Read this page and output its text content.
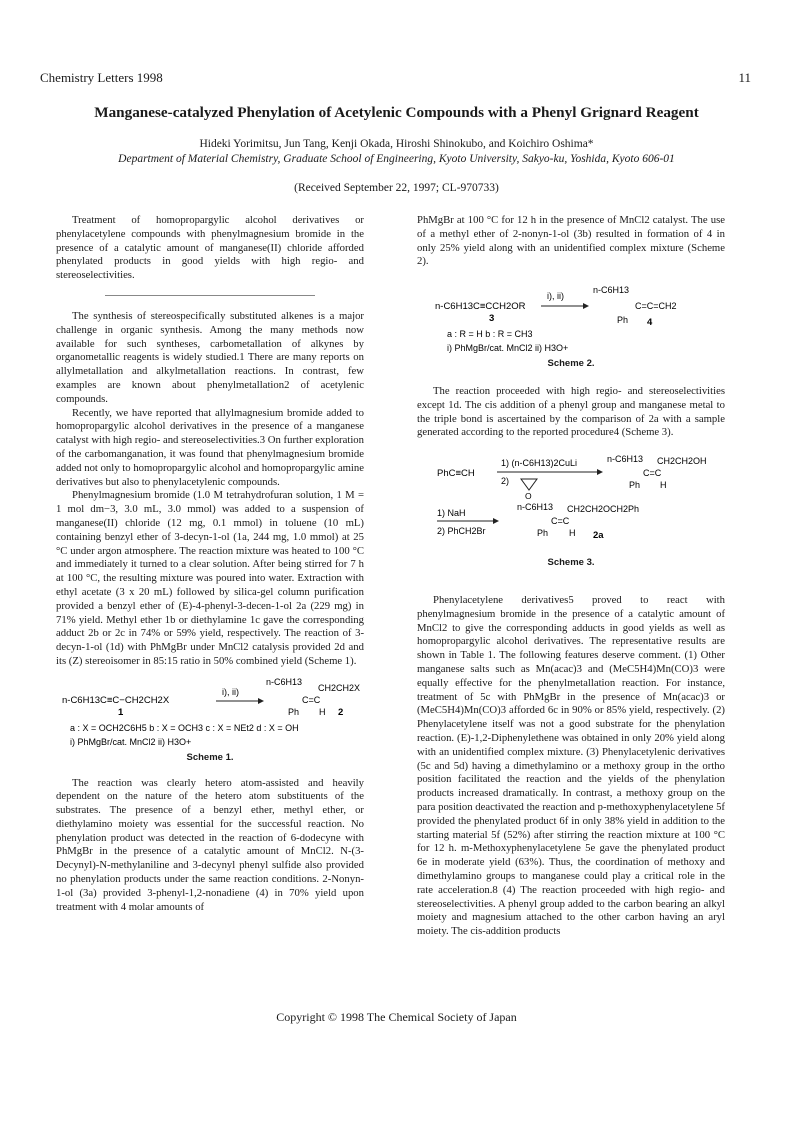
Chemistry Letters 1998	11
Manganese-catalyzed Phenylation of Acetylenic Compounds with a Phenyl Grignard Reagent
Hideki Yorimitsu, Jun Tang, Kenji Okada, Hiroshi Shinokubo, and Koichiro Oshima*
Department of Material Chemistry, Graduate School of Engineering, Kyoto University, Sakyo-ku, Yoshida, Kyoto 606-01
(Received September 22, 1997; CL-970733)

Treatment of homopropargylic alcohol derivatives or phenylacetylene compounds with phenylmagnesium bromide in the presence of a catalytic amount of manganese(II) chloride afforded phenylated products in good yields with high regio- and stereoselectivities.

The synthesis of stereospecifically substituted alkenes is a major challenge in organic synthesis. Among the many methods now available for such syntheses, carbometallation of alkynes by organometallic reagents is widely studied.1 There are many reports on allylmetallation and alkylmetallation reactions. In contrast, few examples are known about phenylmetallation2 of acetylenic compounds.

Recently, we have reported that allylmagnesium bromide added to homopropargylic alcohol derivatives in the presence of a manganese catalyst with high regio- and stereoselectivities.3 On further exploration of the carbomanganation, it was found that phenylmagnesium bromide added not only to homopropargylic alcohol and homopropargylic amine derivatives but also to phenylacetylenic compounds.

Phenylmagnesium bromide (1.0 M tetrahydrofuran solution, 1 M = 1 mol dm−3, 3.0 mL, 3.0 mmol) was added to a suspension of manganese(II) chloride (12 mg, 0.1 mmol) in toluene (10 mL) containing benzyl ether of 3-decyn-1-ol (1a, 244 mg, 1.0 mmol) at 25 °C under argon atmosphere. The reaction mixture was heated to 100 °C and immediately it turned to a clear solution. After being stirred for 7 h at 100 °C, the resulting mixture was poured into water. Extraction with ethyl acetate (3 x 20 mL) followed by silica-gel column purification provided a benzyl ether of (E)-4-phenyl-3-decen-1-ol 2a (229 mg) in 71% yield. Methyl ether 1b or diethylamine 1c gave the corresponding adduct 2b or 2c in 74% or 59% yield, respectively. The reaction of 3-decyn-1-ol (1d) with PhMgBr under MnCl2 catalysis provided 2d and its (Z) stereoisomer in 85:15 ratio in 50% combined yield (Scheme 1).

n-C6H13C≡C−CH2CH2X
1
i), ii)
n-C6H13
CH2CH2X
C=C
Ph H 2
a : X = OCH2C6H5 b : X = OCH3 c : X = NEt2 d : X = OH
i) PhMgBr/cat. MnCl2 ii) H3O+
Scheme 1.

The reaction was clearly hetero atom-assisted and heavily dependent on the nature of the hetero atom substituents of the substrates. The presence of a benzyl ether, methyl ether, or diethylamino moiety was essential for the successful reaction. No phenylation product was detected in the reaction of 6-dodecyne with PhMgBr in the presence of a catalytic amount of MnCl2. N-(3-Decynyl)-N-methylaniline and 3-decynyl phenyl sulfide also provided no phenylation products under the same reaction conditions. 2-Nonyn-1-ol (3a) provided 3-phenyl-1,2-nonadiene (4) in 70% yield upon treatment with 4 molar amounts of

PhMgBr at 100 °C for 12 h in the presence of MnCl2 catalyst. The use of a methyl ether of 2-nonyn-1-ol (3b) resulted in formation of 4 in only 25% yield along with an unidentified complex mixture (Scheme 2).

n-C6H13C≡CCH2OR
3
i), ii)
n-C6H13
C=C=CH2
Ph 4
a : R = H b : R = CH3
i) PhMgBr/cat. MnCl2 ii) H3O+
Scheme 2.

The reaction proceeded with high regio- and stereoselectivities except 1d. The cis addition of a phenyl group and manganese metal to the triple bond is ascertained by the comparison of 2a with a sample generated according to the reported procedure4 (Scheme 3).

PhC≡CH
1) (n-C6H13)2CuLi
2)
O
n-C6H13 CH2CH2OH
C=C
Ph H
1) NaH
2) PhCH2Br
n-C6H13 CH2CH2OCH2Ph
C=C
Ph H 2a
Scheme 3.

Phenylacetylene derivatives5 proved to react with phenylmagnesium bromide in the presence of a catalytic amount of MnCl2 to give the corresponding adducts in good yields as well as homopropargylic alcohol derivatives. The representative results are shown in Table 1. The following features deserve comment. (1) Other manganese salts such as Mn(acac)3 and (MeC5H4)Mn(CO)3 were equally effective for the phenylmetallation reaction. For instance, treatment of 5c with PhMgBr in the presence of Mn(acac)3 or (MeC5H4)Mn(CO)3 afforded 6c in 90% or 85% yield, respectively. (2) Phenylacetylene itself was not a good substrate for the phenylation reaction. (E)-1,2-Diphenylethene was obtained in only 20% yield along with an unidentified complex mixture. (3) Phenylacetylenic derivatives (5c and 5d) having a dimethylamino or a methoxy group in the ortho position facilitated the reaction and the yields of the phenylation products increased dramatically. In contrast, a methoxy group on the para position deactivated the reaction and p-methoxyphenylacetylene 5f provided the phenylated product 6f in only 38% yield in addition to the starting material 5f (52%) after stirring the reaction mixture at 100 °C for 12 h. m-Methoxyphenylacetylene 5e gave the phenylated product 6e in moderate yield (63%). Thus, the coordination of methoxy and dimethylamino groups to manganese could play a critical role in the rate acceleration.8 (4) The reaction proceeded with high regio- and stereoselectivities. A phenyl group added to the carbon bearing an alkyl moiety and magnesium attached to the other carbon having an aryl moiety. The cis-addition products

Copyright © 1998 The Chemical Society of Japan
